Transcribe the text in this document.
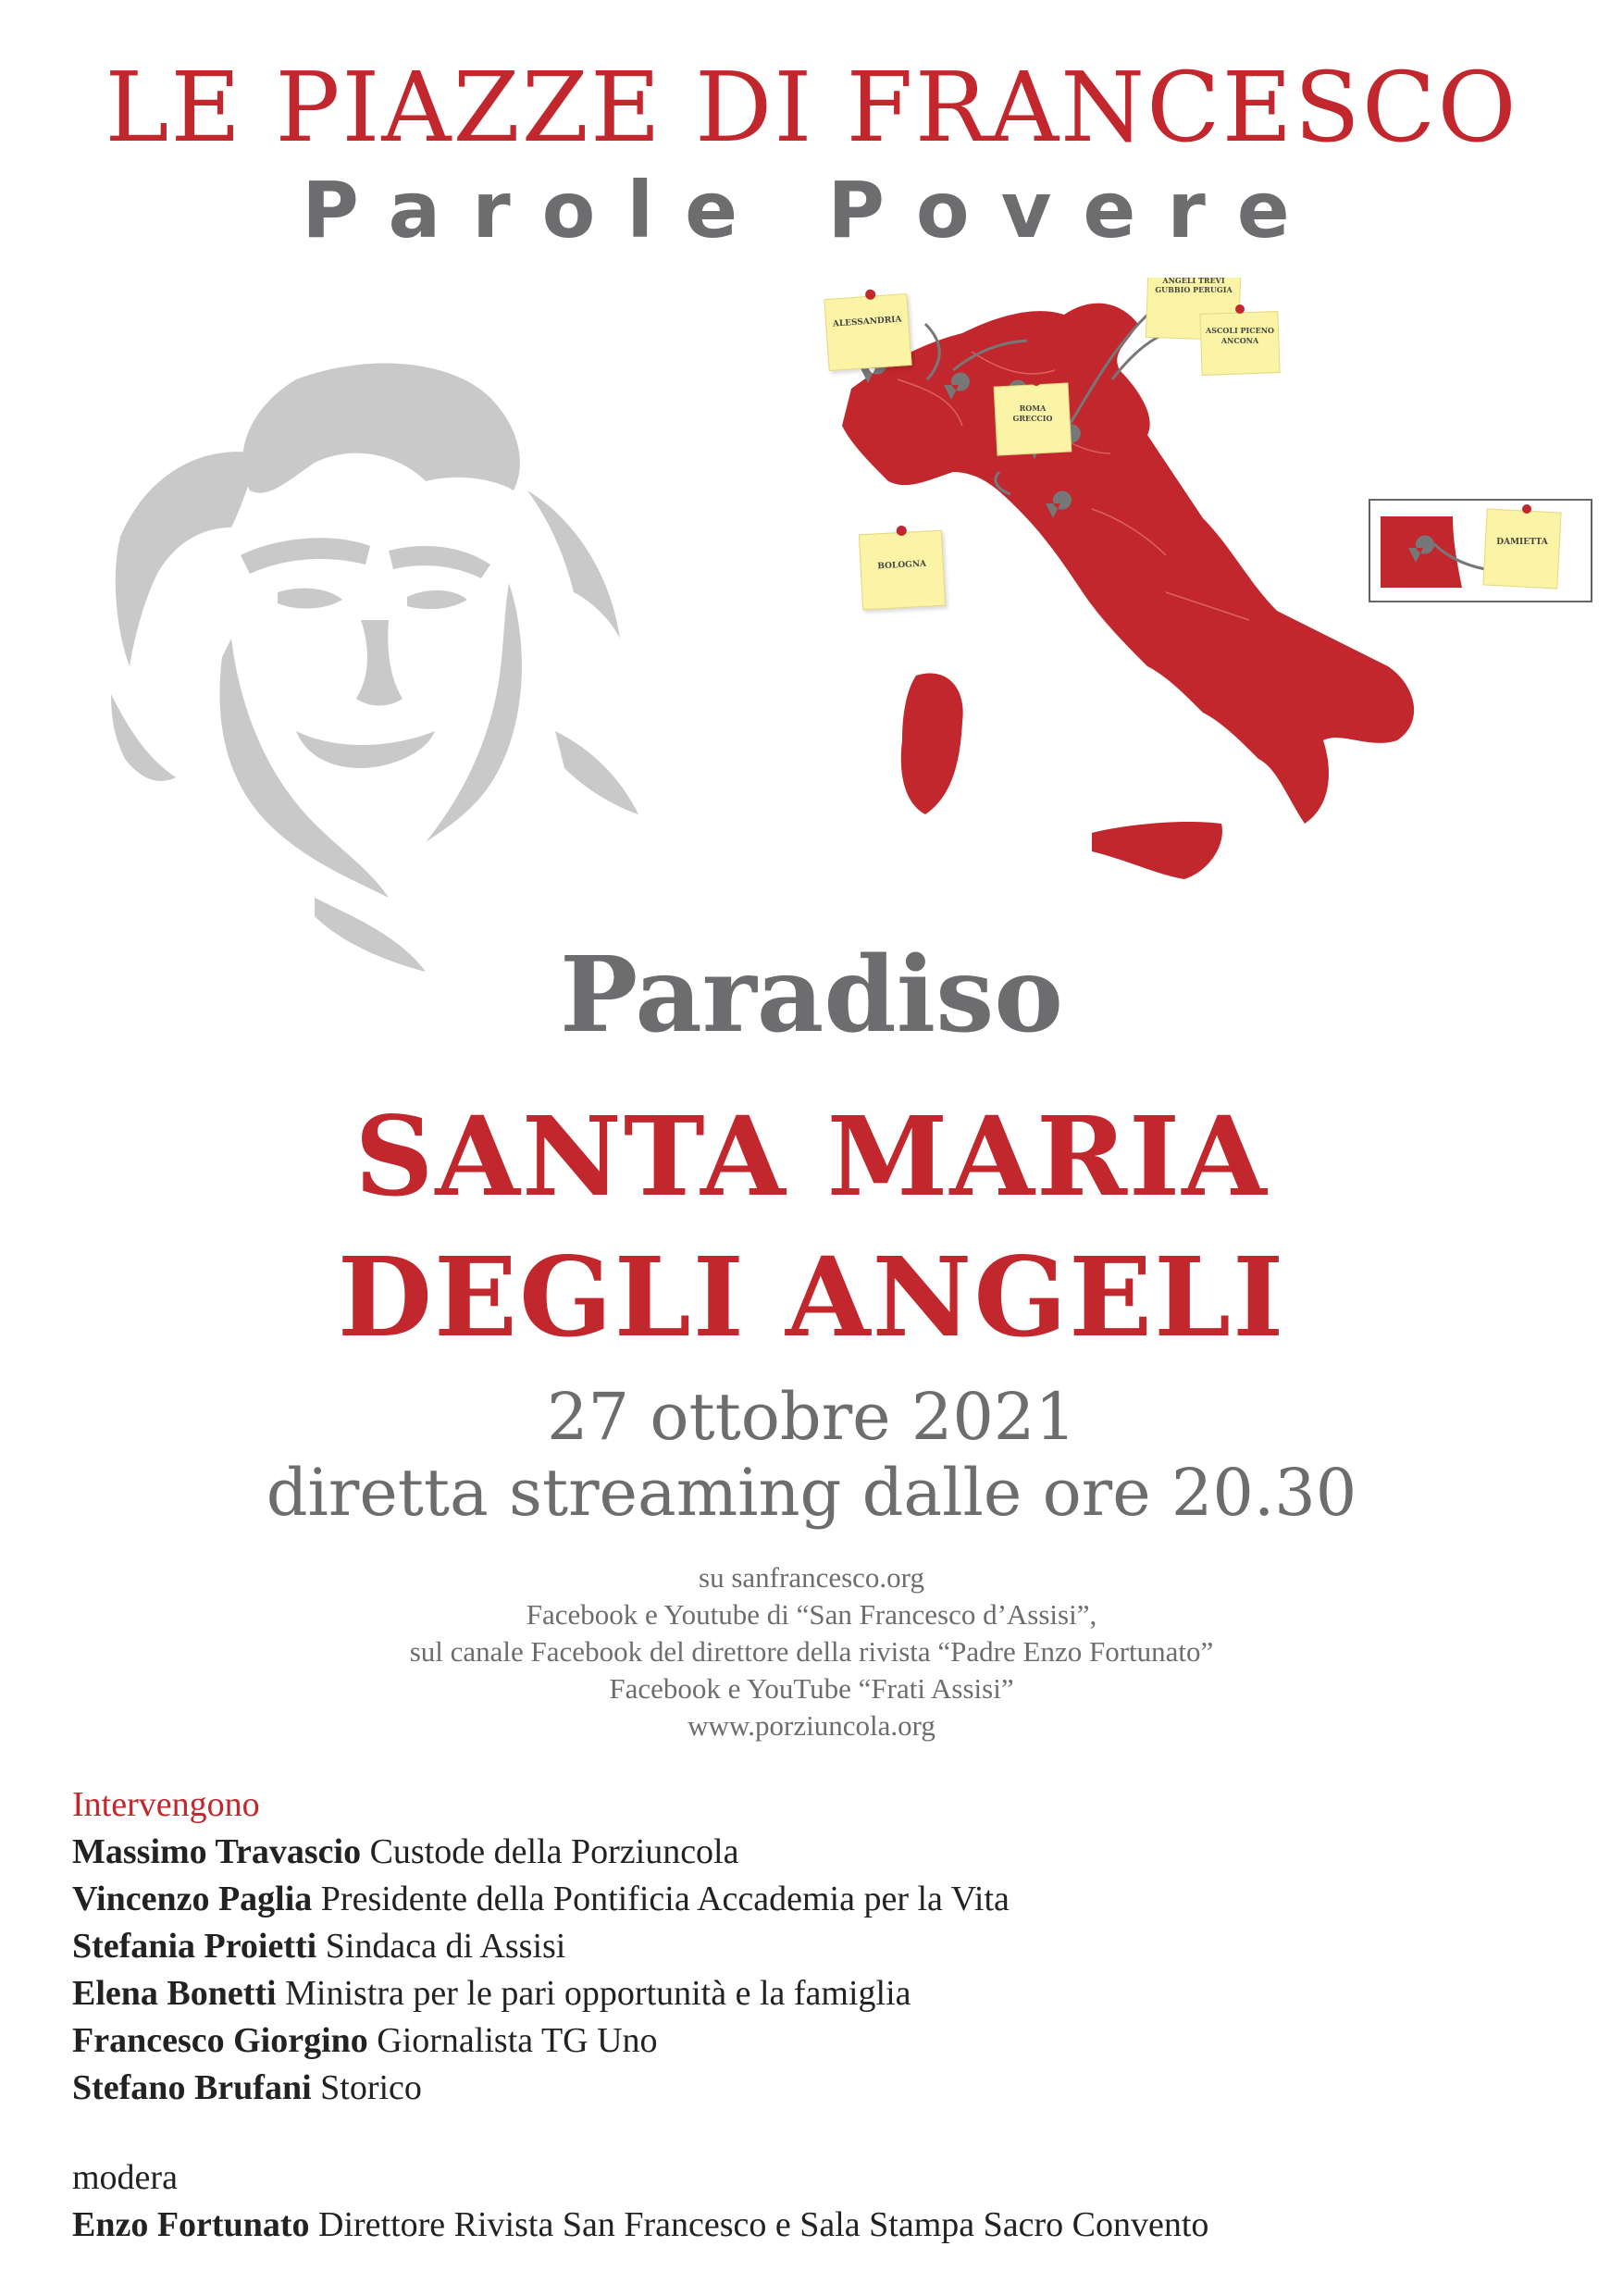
LE PIAZZE DI FRANCESCO
Parole Povere
ANGELI TREVI GUBBIO PERUGIA
ASCOLI PICENO ANCONA
ROMA GRECCIO
DAMIETTA
BOLOGNA
ALESSANDRIA
Paradiso
SANTA MARIA
DEGLI ANGELI
27 ottobre 2021
diretta streaming dalle ore 20.30
su sanfrancesco.org
Facebook e Youtube di “San Francesco d’Assisi”,
sul canale Facebook del direttore della rivista “Padre Enzo Fortunato”
Facebook e YouTube “Frati Assisi”
www.porziuncola.org
Intervengono
Massimo Travascio Custode della Porziuncola
Vincenzo Paglia Presidente della Pontificia Accademia per la Vita
Stefania Proietti Sindaca di Assisi
Elena Bonetti Ministra per le pari opportunità e la famiglia
Francesco Giorgino Giornalista TG Uno
Stefano Brufani Storico
modera
Enzo Fortunato Direttore Rivista San Francesco e Sala Stampa Sacro Convento
